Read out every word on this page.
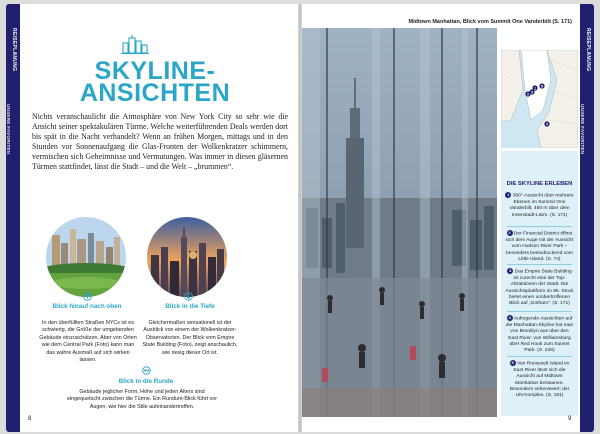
REISEPLANUNG
UNSERE FAVORITEN
SKYLINE-
ANSICHTEN
Nichts veranschaulicht die Atmosphäre von New York City so sehr wie die Ansicht seiner spektakulären Türme. Welche weiterführenden Deals werden dort bis spät in die Nacht verhandelt? Wenn an frühen Morgen, mittags und in den Stunden vor Sonnenaufgang die Glas-Fronten der Wolkenkratzer schimmern, vermischen sich Geheimnisse und Vermutungen. Was immer in diesen gläsernen Türmen stattfindet, lässt die Stadt – und die Welt – „brummen“.
Blick hinauf nach oben
In den überfüllten Straßen NYCs ist es schwierig, die Größe der umgebenden Gebäude einzuschätzen. Aber von Orten wie dem Central Park (Foto) kann man das wahre Ausmaß auf sich wirken lassen.
Blick in die Tiefe
Gleichermaßen sensationell ist der Ausblick von einem der Wolkenkratzer-Observatorien. Der Blick vom Empire State Building (Foto), zeigt anschaulich, wie riesig dieser Ort ist.
Blick in die Runde
Gebäude jeglicher Form, Höhe und jeden Alters sind eingequetscht zwischen die Türme. Ein Rundum-Blick führt vor Augen, wie hier die Stile aufeinandertreffen.
8
Midtown Manhattan, Blick vom Summit One Vanderbilt (S. 171)
1
2 3
4
5
DIE SKYLINE ERLEBEN
1 360°-Aussicht über mehrere Ebenen im Summit One Vanderbilt, 450 m über dem Innenstadt-Lärm. (S. 171)
2 Der Financial District öffnet sich dem Auge mit der Aussicht vom Hudson River Park – besonders beeindruckend vom Little Island. (S. 74)
3 Das Empire State Building ist zurecht eine der Top-Attraktionen der Stadt. Die Aussichtsplattform im 86. Stock bietet einen unübertroffenen Blick auf „Gotham“. (S. 171)
4 Aufregende Aussichten auf die Manhattan-Skyline hat man von Brooklyn aus über den East River: von Williamsburg über Red Hook zum Sunset Park. (S. 228)
5 Von Roosevelt Island im East River lässt sich die Aussicht auf Midtown Manhattan bestaunen. Besonders sehenswert: der UN-Komplex. (S. 191)
REISEPLANUNG
UNSERE FAVORITEN
9
